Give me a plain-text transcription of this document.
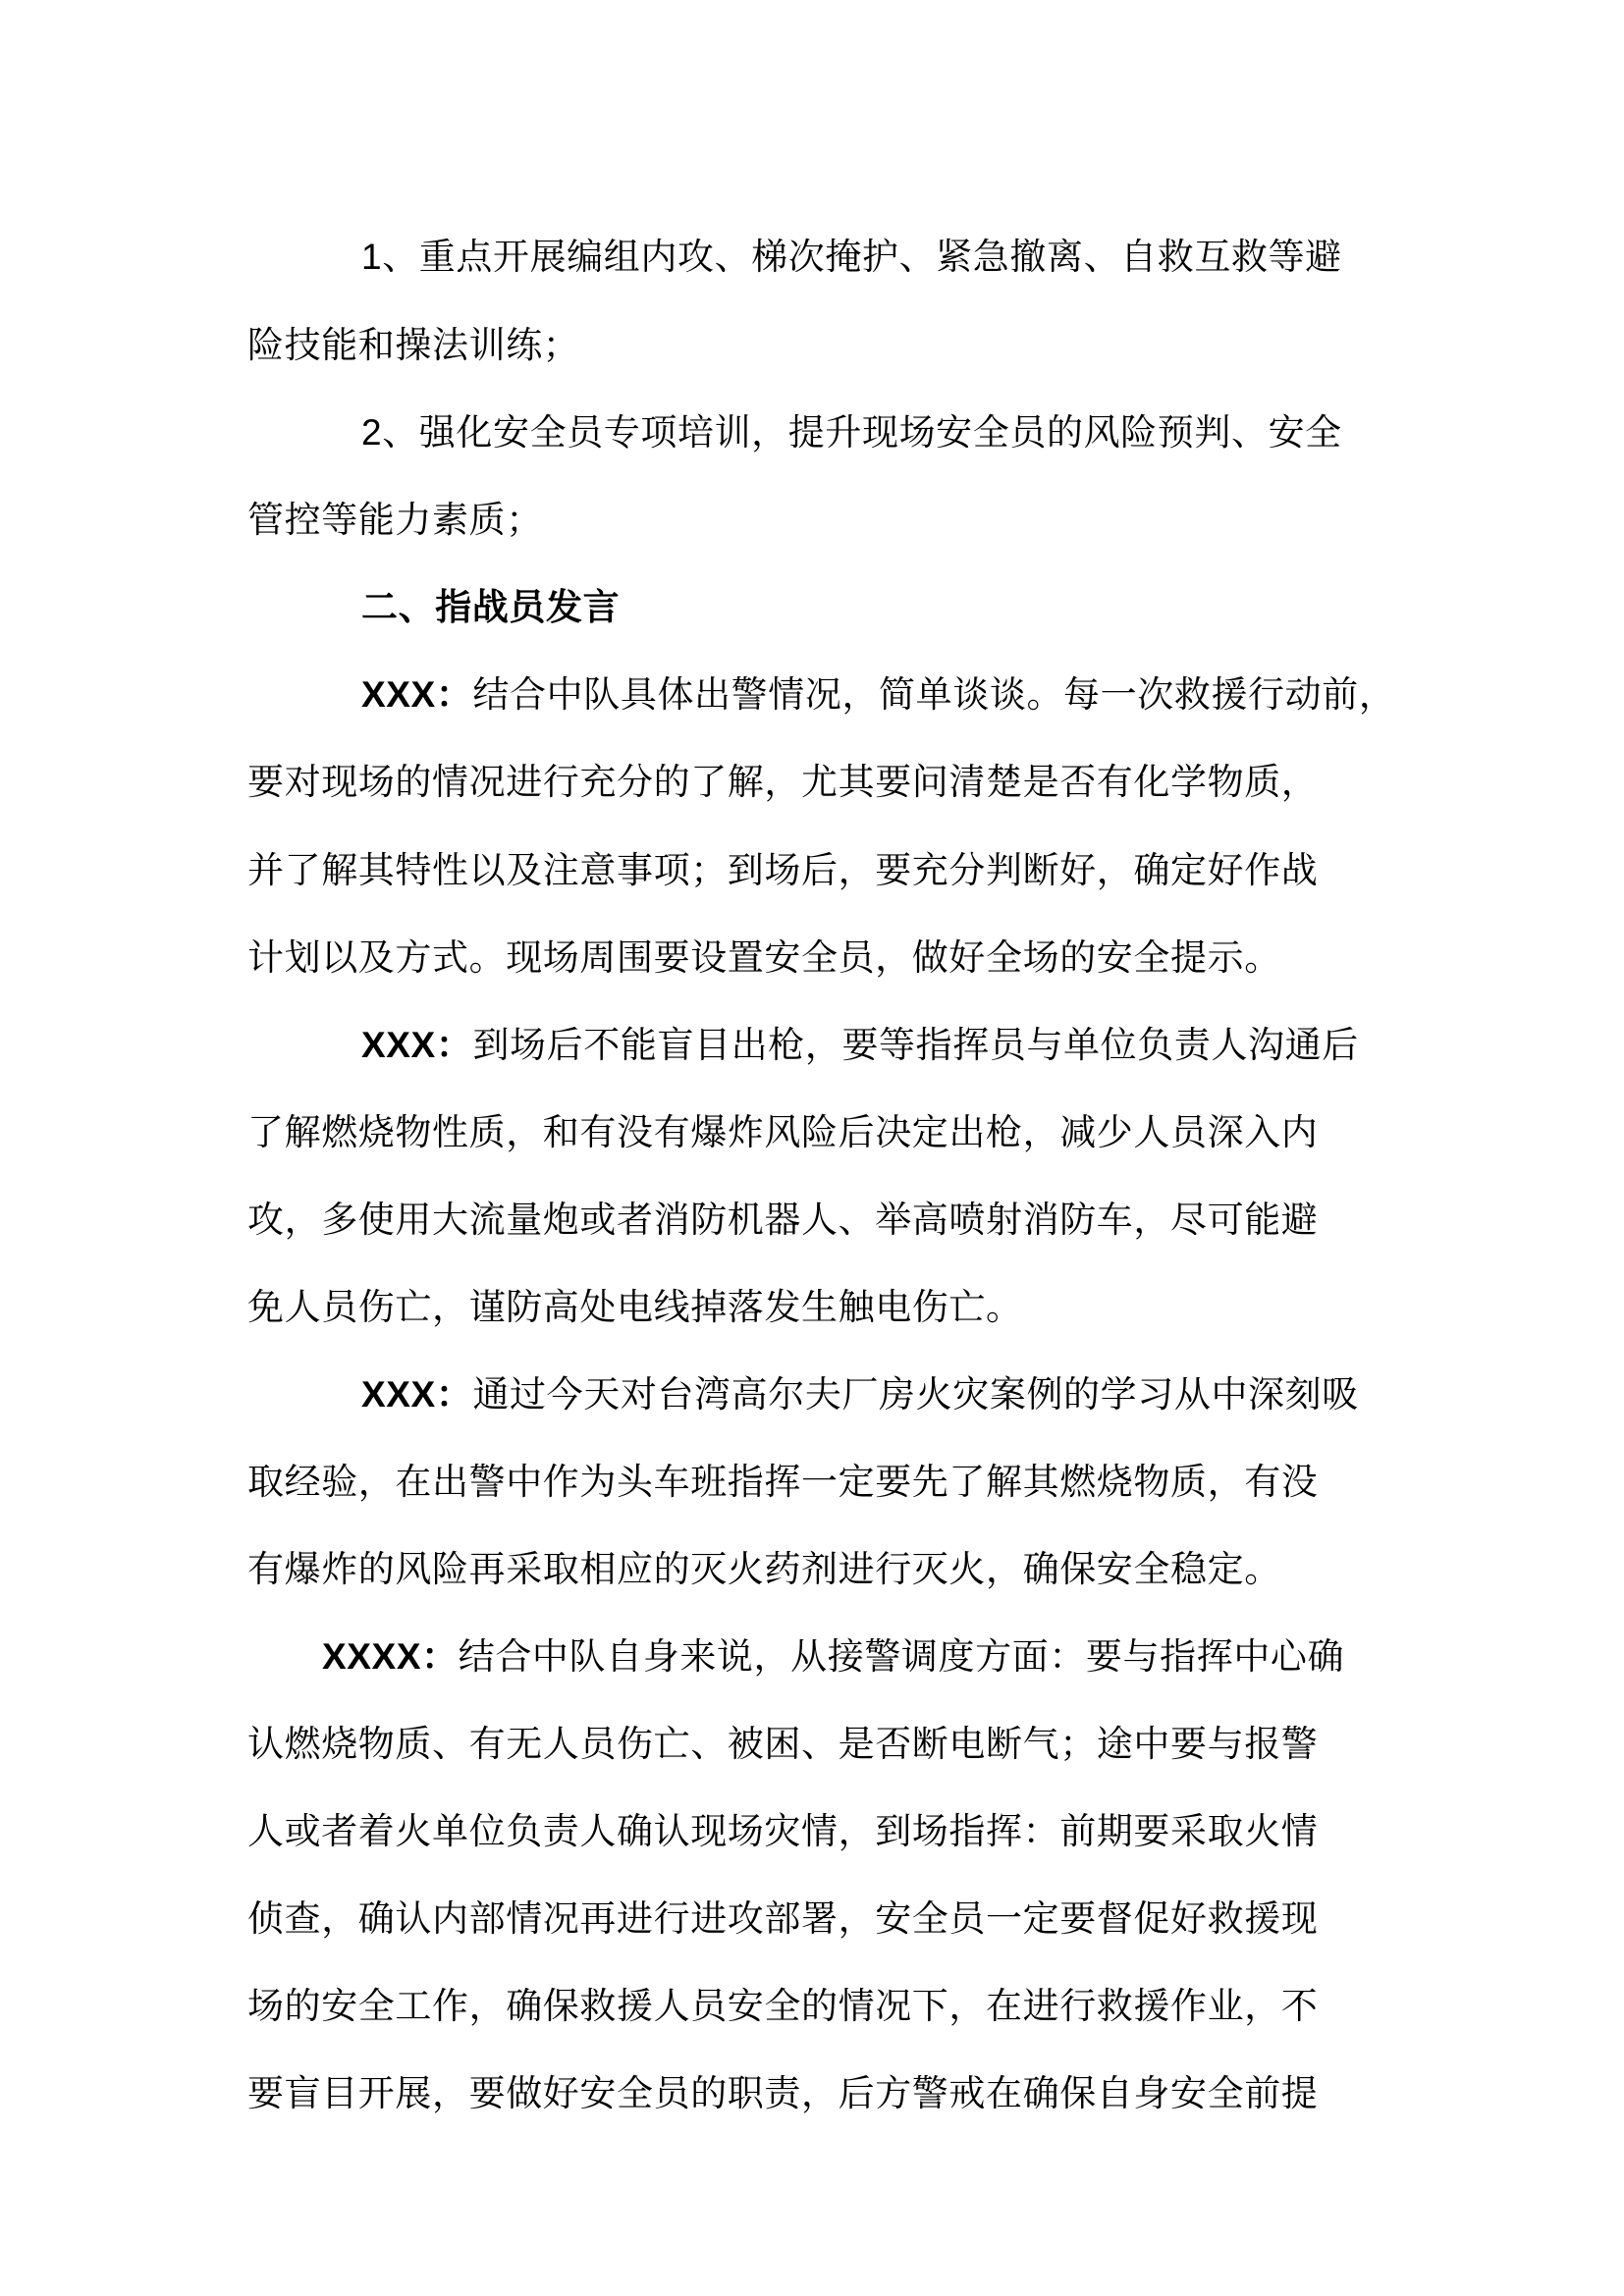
1、重点开展编组内攻、梯次掩护、紧急撤离、自救互救等避
险技能和操法训练；
2、强化安全员专项培训，提升现场安全员的风险预判、安全
管控等能力素质；
二、指战员发言
XXX：结合中队具体出警情况，简单谈谈。每一次救援行动前，
要对现场的情况进行充分的了解，尤其要问清楚是否有化学物质，
并了解其特性以及注意事项；到场后，要充分判断好，确定好作战
计划以及方式。现场周围要设置安全员，做好全场的安全提示。
XXX：到场后不能盲目出枪，要等指挥员与单位负责人沟通后
了解燃烧物性质，和有没有爆炸风险后决定出枪，减少人员深入内
攻，多使用大流量炮或者消防机器人、举高喷射消防车，尽可能避
免人员伤亡，谨防高处电线掉落发生触电伤亡。
XXX：通过今天对台湾高尔夫厂房火灾案例的学习从中深刻吸
取经验，在出警中作为头车班指挥一定要先了解其燃烧物质，有没
有爆炸的风险再采取相应的灭火药剂进行灭火，确保安全稳定。
XXXX：结合中队自身来说，从接警调度方面：要与指挥中心确
认燃烧物质、有无人员伤亡、被困、是否断电断气；途中要与报警
人或者着火单位负责人确认现场灾情，到场指挥：前期要采取火情
侦查，确认内部情况再进行进攻部署，安全员一定要督促好救援现
场的安全工作，确保救援人员安全的情况下，在进行救援作业，不
要盲目开展，要做好安全员的职责，后方警戒在确保自身安全前提
